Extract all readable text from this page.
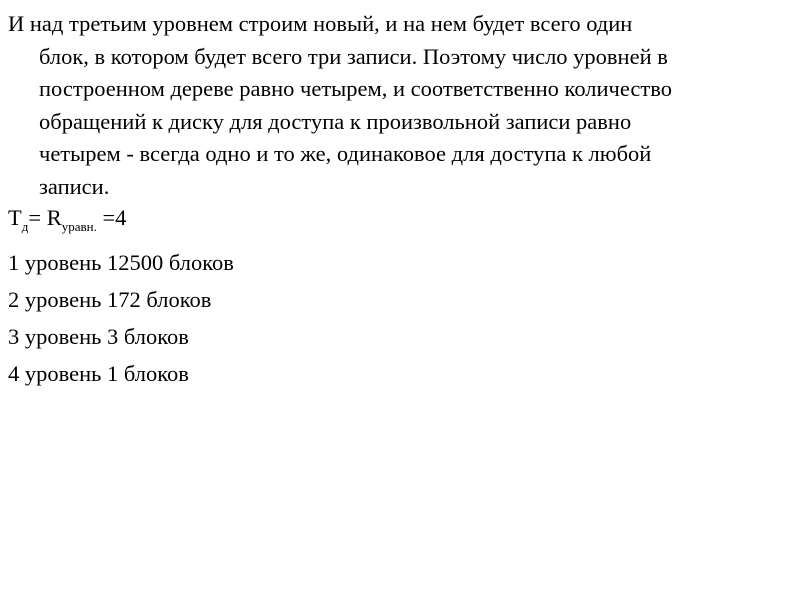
И над третьим уровнем строим новый, и на нем будет всего один
блок, в котором будет всего три записи. Поэтому число уровней в
построенном дереве равно четырем, и соответственно количество
обращений к диску для доступа к произвольной записи равно
четырем - всегда одно и то же, одинаковое для доступа к любой
записи.

$T_д= R_{уравн.} =4$
1 уровень 12500 блоков
2 уровень 172 блоков
3 уровень 3 блоков
4 уровень 1 блоков
